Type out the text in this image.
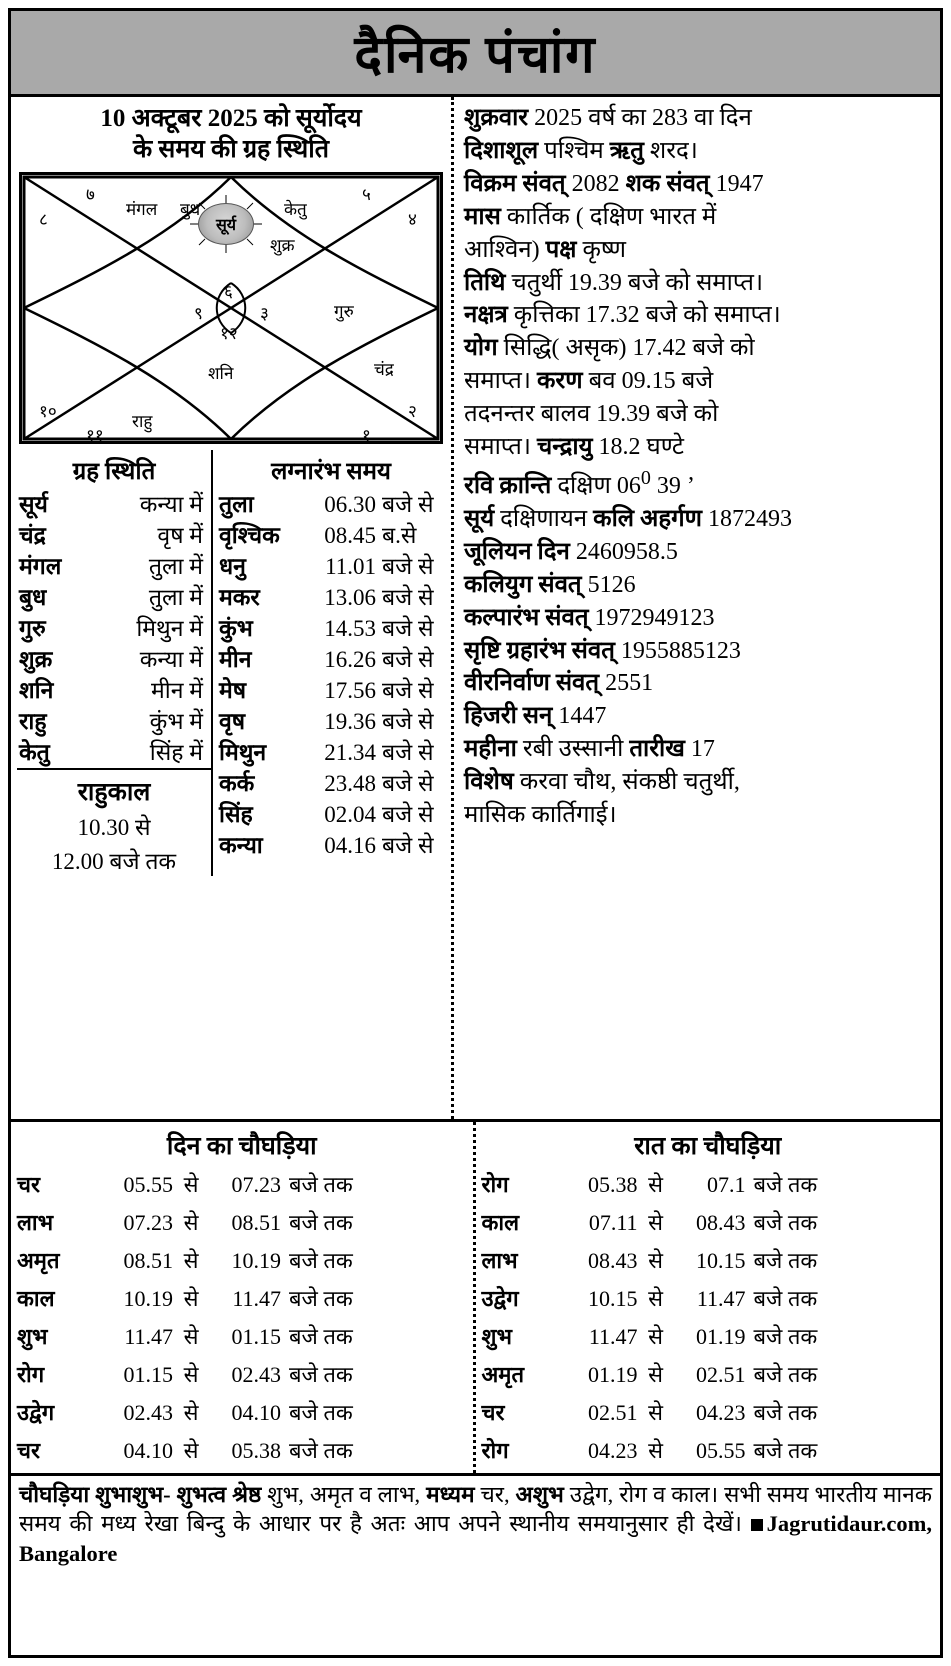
दैनिक पंचांग
10 अक्टूबर 2025 को सूर्योदय
के समय की ग्रह स्थिति
७
८
५
४
६
९	३
१२
१०
११
२
१
सूर्य
मंगल बुध	केतु
शुक्र
गुरु
शनि	चंद्र
राहु
ग्रह स्थिति
सूर्य	कन्या में
चंद्र	वृष में
मंगल	तुला में
बुध	तुला में
गुरु	मिथुन में
शुक्र	कन्या में
शनि	मीन में
राहु	कुंभ में
केतु	सिंह में
राहुकाल
10.30 से
12.00 बजे तक
लग्नारंभ समय
तुला	06.30 बजे से
वृश्चिक	08.45 ब.से
धनु	11.01 बजे से
मकर	13.06 बजे से
कुंभ	14.53 बजे से
मीन	16.26 बजे से
मेष	17.56 बजे से
वृष	19.36 बजे से
मिथुन	21.34 बजे से
कर्क	23.48 बजे से
सिंह	02.04 बजे से
कन्या	04.16 बजे से
शुक्रवार 2025 वर्ष का 283 वा दिन
दिशाशूल पश्चिम ऋतु शरद।
विक्रम संवत् 2082 शक संवत् 1947
मास कार्तिक ( दक्षिण भारत में
आश्विन) पक्ष कृष्ण
तिथि चतुर्थी 19.39 बजे को समाप्त।
नक्षत्र कृत्तिका 17.32 बजे को समाप्त।
योग सिद्धि( असृक) 17.42 बजे को
समाप्त। करण बव 09.15 बजे
तदनन्तर बालव 19.39 बजे को
समाप्त। चन्द्रायु 18.2 घण्टे
रवि क्रान्ति दक्षिण $06^0$ 39 ’
सूर्य दक्षिणायन कलि अहर्गण 1872493
जूलियन दिन 2460958.5
कलियुग संवत् 5126
कल्पारंभ संवत् 1972949123
सृष्टि ग्रहारंभ संवत् 1955885123
वीरनिर्वाण संवत् 2551
हिजरी सन् 1447
महीना रबी उस्सानी तारीख 17
विशेष करवा चौथ, संकष्ठी चतुर्थी,
मासिक कार्तिगाई।
दिन का चौघड़िया
चर	05.55 से	07.23 बजे तक
लाभ	07.23 से	08.51 बजे तक
अमृत	08.51 से	10.19 बजे तक
काल	10.19 से	11.47 बजे तक
शुभ	11.47 से	01.15 बजे तक
रोग	01.15 से	02.43 बजे तक
उद्वेग	02.43 से	04.10 बजे तक
चर	04.10 से	05.38 बजे तक
रात का चौघड़िया
रोग	05.38 से	07.1 बजे तक
काल	07.11 से	08.43 बजे तक
लाभ	08.43 से	10.15 बजे तक
उद्वेग	10.15 से	11.47 बजे तक
शुभ	11.47 से	01.19 बजे तक
अमृत	01.19 से	02.51 बजे तक
चर	02.51 से	04.23 बजे तक
रोग	04.23 से	05.55 बजे तक
चौघड़िया शुभाशुभ- शुभत्व श्रेष्ठ शुभ, अमृत व लाभ, मध्यम चर, अशुभ उद्वेग, रोग व काल। सभी समय भारतीय मानक समय की मध्य रेखा बिन्दु के आधार पर है अतः आप अपने स्थानीय समयानुसार ही देखें। Jagrutidaur.com, Bangalore
